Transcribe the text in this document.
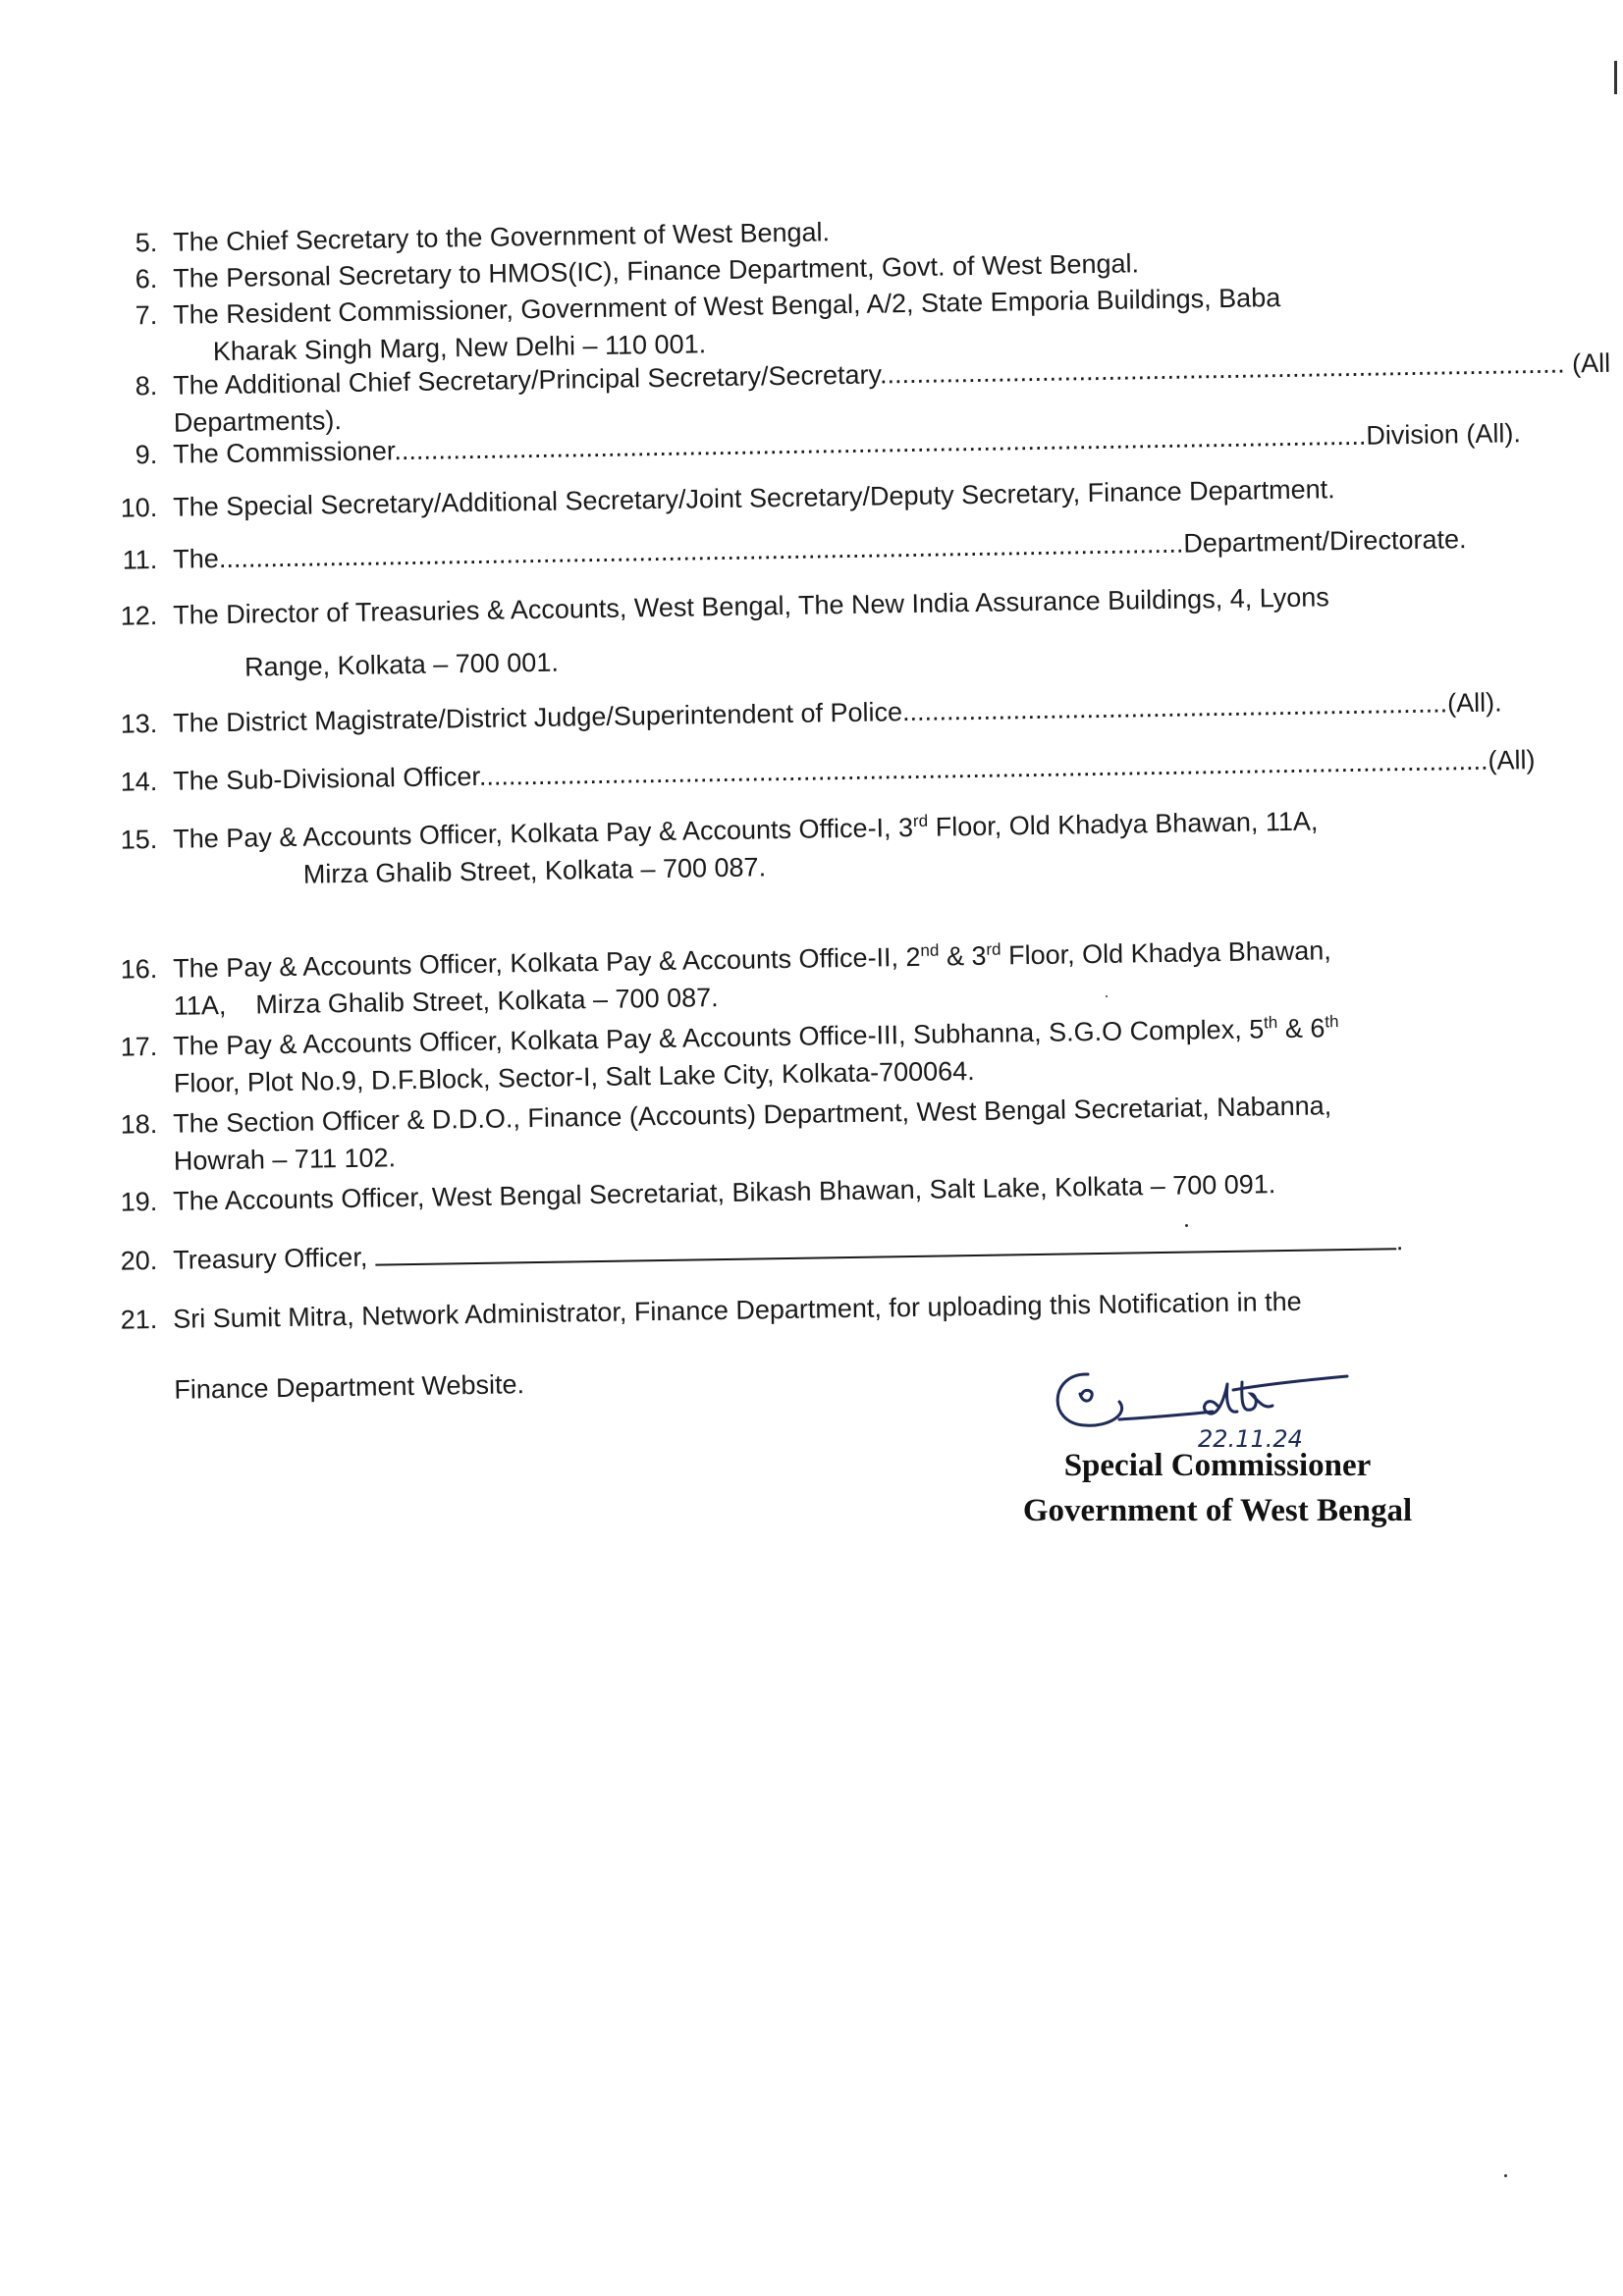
5. The Chief Secretary to the Government of West Bengal.
6. The Personal Secretary to HMOS(IC), Finance Department, Govt. of West Bengal.
7. The Resident Commissioner, Government of West Bengal, A/2, State Emporia Buildings, Baba
Kharak Singh Marg, New Delhi – 110 001.
8. The Additional Chief Secretary/Principal Secretary/Secretary............................................................................................. (All
Departments).
9. The Commissioner....................................................................................................................................Division (All).
10. The Special Secretary/Additional Secretary/Joint Secretary/Deputy Secretary, Finance Department.
11. The...................................................................................................................................Department/Directorate.
12. The Director of Treasuries & Accounts, West Bengal, The New India Assurance Buildings, 4, Lyons
Range, Kolkata – 700 001.
13. The District Magistrate/District Judge/Superintendent of Police..........................................................................(All).
14. The Sub-Divisional Officer.........................................................................................................................................(All)
15. The Pay & Accounts Officer, Kolkata Pay & Accounts Office-I, 3rd Floor, Old Khadya Bhawan, 11A,
Mirza Ghalib Street, Kolkata – 700 087.
16. The Pay & Accounts Officer, Kolkata Pay & Accounts Office-II, 2nd & 3rd Floor, Old Khadya Bhawan,
11A,    Mirza Ghalib Street, Kolkata – 700 087.
17. The Pay & Accounts Officer, Kolkata Pay & Accounts Office-III, Subhanna, S.G.O Complex, 5th & 6th
Floor, Plot No.9, D.F.Block, Sector-I, Salt Lake City, Kolkata-700064.
18. The Section Officer & D.D.O., Finance (Accounts) Department, West Bengal Secretariat, Nabanna,
Howrah – 711 102.
19. The Accounts Officer, West Bengal Secretariat, Bikash Bhawan, Salt Lake, Kolkata – 700 091.
20. Treasury Officer, .
21. Sri Sumit Mitra, Network Administrator, Finance Department, for uploading this Notification in the
Finance Department Website.
22.11.24
Special Commissioner
Government of West Bengal
